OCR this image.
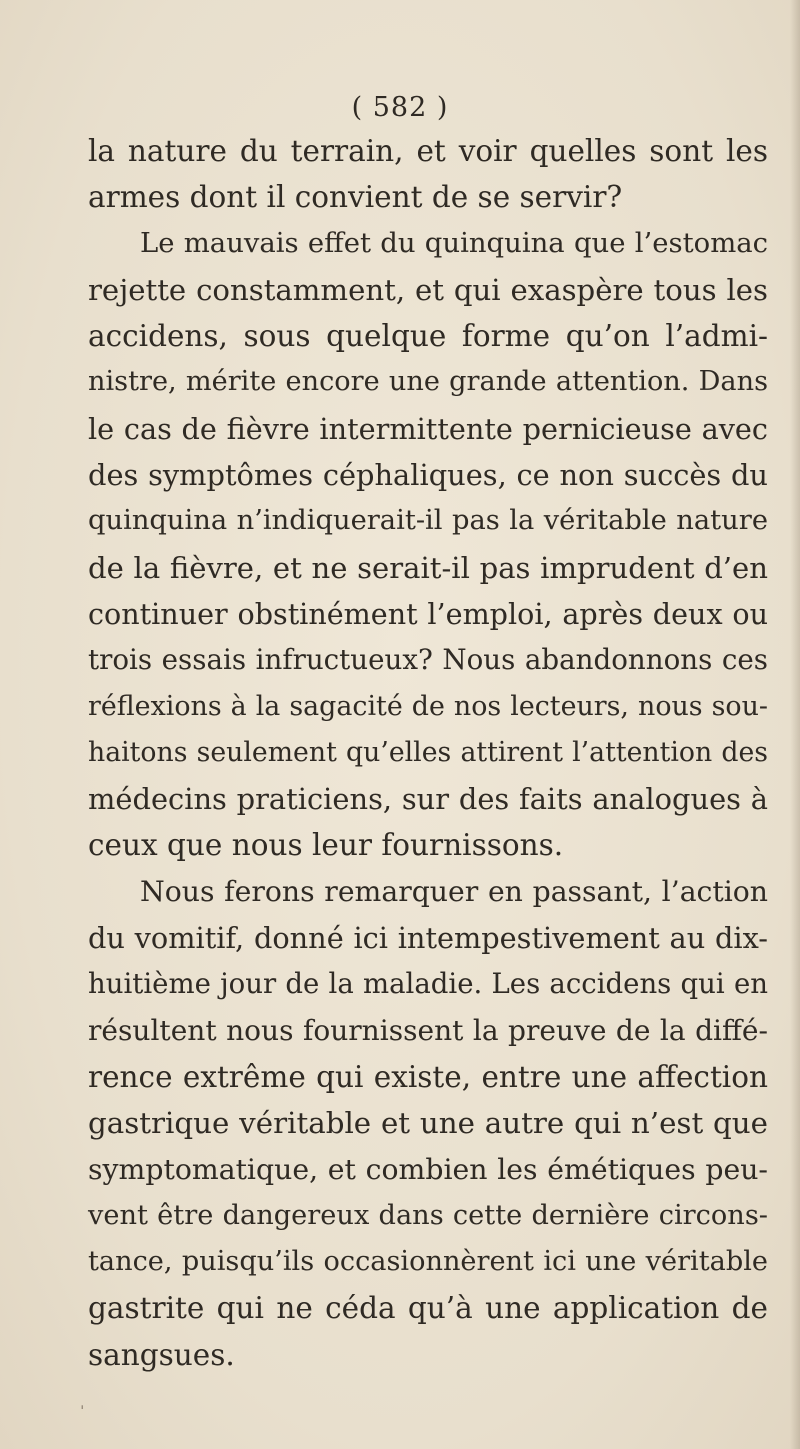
( 582 )
la nature du terrain, et voir quelles sont les
armes dont il convient de se servir?
Le mauvais effet du quinquina que l’estomac
rejette constamment, et qui exaspère tous les
accidens, sous quelque forme qu’on l’admi-
nistre, mérite encore une grande attention. Dans
le cas de fièvre intermittente pernicieuse avec
des symptômes céphaliques, ce non succès du
quinquina n’indiquerait-il pas la véritable nature
de la fièvre, et ne serait-il pas imprudent d’en
continuer obstinément l’emploi, après deux ou
trois essais infructueux? Nous abandonnons ces
réflexions à la sagacité de nos lecteurs, nous sou-
haitons seulement qu’elles attirent l’attention des
médecins praticiens, sur des faits analogues à
ceux que nous leur fournissons.
Nous ferons remarquer en passant, l’action
du vomitif, donné ici intempestivement au dix-
huitième jour de la maladie. Les accidens qui en
résultent nous fournissent la preuve de la diffé-
rence extrême qui existe, entre une affection
gastrique véritable et une autre qui n’est que
symptomatique, et combien les émétiques peu-
vent être dangereux dans cette dernière circons-
tance, puisqu’ils occasionnèrent ici une véritable
gastrite qui ne céda qu’à une application de
sangsues.
ˌ
